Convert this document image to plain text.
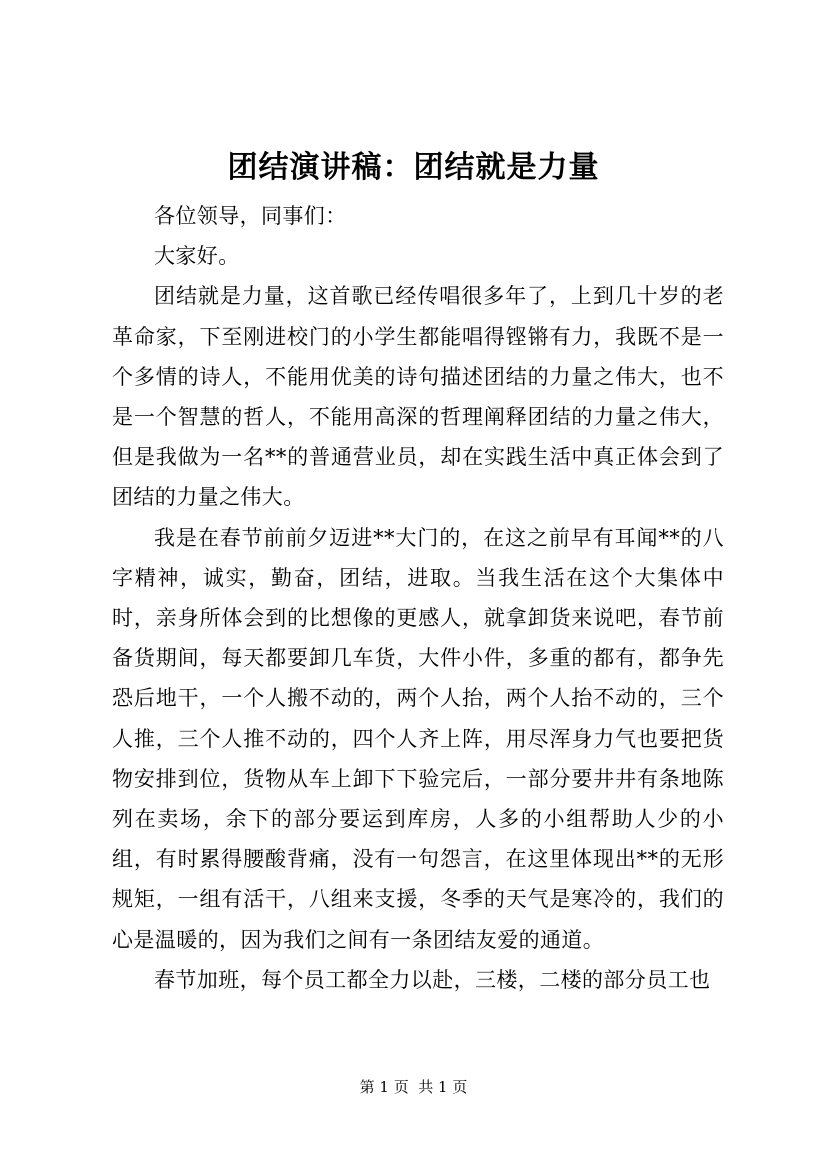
团结演讲稿：团结就是力量

各位领导，同事们：

大家好。

团结就是力量，这首歌已经传唱很多年了，上到几十岁的老革命家，下至刚进校门的小学生都能唱得铿锵有力，我既不是一个多情的诗人，不能用优美的诗句描述团结的力量之伟大，也不是一个智慧的哲人，不能用高深的哲理阐释团结的力量之伟大，但是我做为一名**的普通营业员，却在实践生活中真正体会到了团结的力量之伟大。

我是在春节前前夕迈进**大门的，在这之前早有耳闻**的八字精神，诚实，勤奋，团结，进取。当我生活在这个大集体中时，亲身所体会到的比想像的更感人，就拿卸货来说吧，春节前备货期间，每天都要卸几车货，大件小件，多重的都有，都争先恐后地干，一个人搬不动的，两个人抬，两个人抬不动的，三个人推，三个人推不动的，四个人齐上阵，用尽浑身力气也要把货物安排到位，货物从车上卸下下验完后，一部分要井井有条地陈列在卖场，余下的部分要运到库房，人多的小组帮助人少的小组，有时累得腰酸背痛，没有一句怨言，在这里体现出**的无形规矩，一组有活干，八组来支援，冬季的天气是寒冷的，我们的心是温暖的，因为我们之间有一条团结友爱的通道。

春节加班，每个员工都全力以赴，三楼，二楼的部分员工也

第 1 页  共 1 页
